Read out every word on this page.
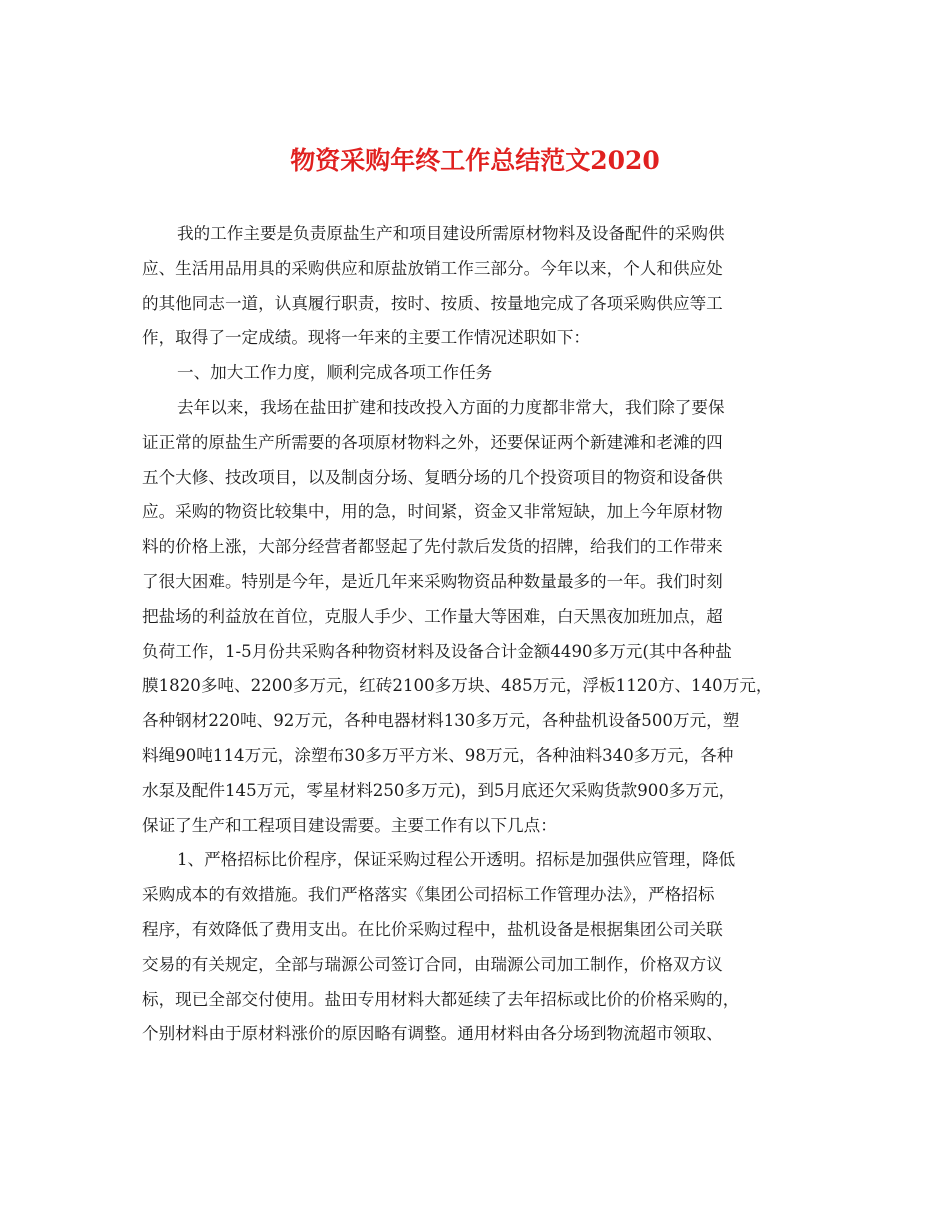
物资采购年终工作总结范文2020
我的工作主要是负责原盐生产和项目建设所需原材物料及设备配件的采购供
应、生活用品用具的采购供应和原盐放销工作三部分。今年以来，个人和供应处
的其他同志一道，认真履行职责，按时、按质、按量地完成了各项采购供应等工
作，取得了一定成绩。现将一年来的主要工作情况述职如下：
一、加大工作力度，顺利完成各项工作任务
去年以来，我场在盐田扩建和技改投入方面的力度都非常大，我们除了要保
证正常的原盐生产所需要的各项原材物料之外，还要保证两个新建滩和老滩的四
五个大修、技改项目，以及制卤分场、复晒分场的几个投资项目的物资和设备供
应。采购的物资比较集中，用的急，时间紧，资金又非常短缺，加上今年原材物
料的价格上涨，大部分经营者都竖起了先付款后发货的招牌，给我们的工作带来
了很大困难。特别是今年，是近几年来采购物资品种数量最多的一年。我们时刻
把盐场的利益放在首位，克服人手少、工作量大等困难，白天黑夜加班加点，超
负荷工作，1-5月份共采购各种物资材料及设备合计金额4490多万元(其中各种盐
膜1820多吨、2200多万元，红砖2100多万块、485万元，浮板1120方、140万元，
各种钢材220吨、92万元，各种电器材料130多万元，各种盐机设备500万元，塑
料绳90吨114万元，涂塑布30多万平方米、98万元，各种油料340多万元，各种
水泵及配件145万元，零星材料250多万元)，到5月底还欠采购货款900多万元，
保证了生产和工程项目建设需要。主要工作有以下几点：
1、严格招标比价程序，保证采购过程公开透明。招标是加强供应管理，降低
采购成本的有效措施。我们严格落实《集团公司招标工作管理办法》，严格招标
程序，有效降低了费用支出。在比价采购过程中，盐机设备是根据集团公司关联
交易的有关规定，全部与瑞源公司签订合同，由瑞源公司加工制作，价格双方议
标，现已全部交付使用。盐田专用材料大都延续了去年招标或比价的价格采购的，
个别材料由于原材料涨价的原因略有调整。通用材料由各分场到物流超市领取、
